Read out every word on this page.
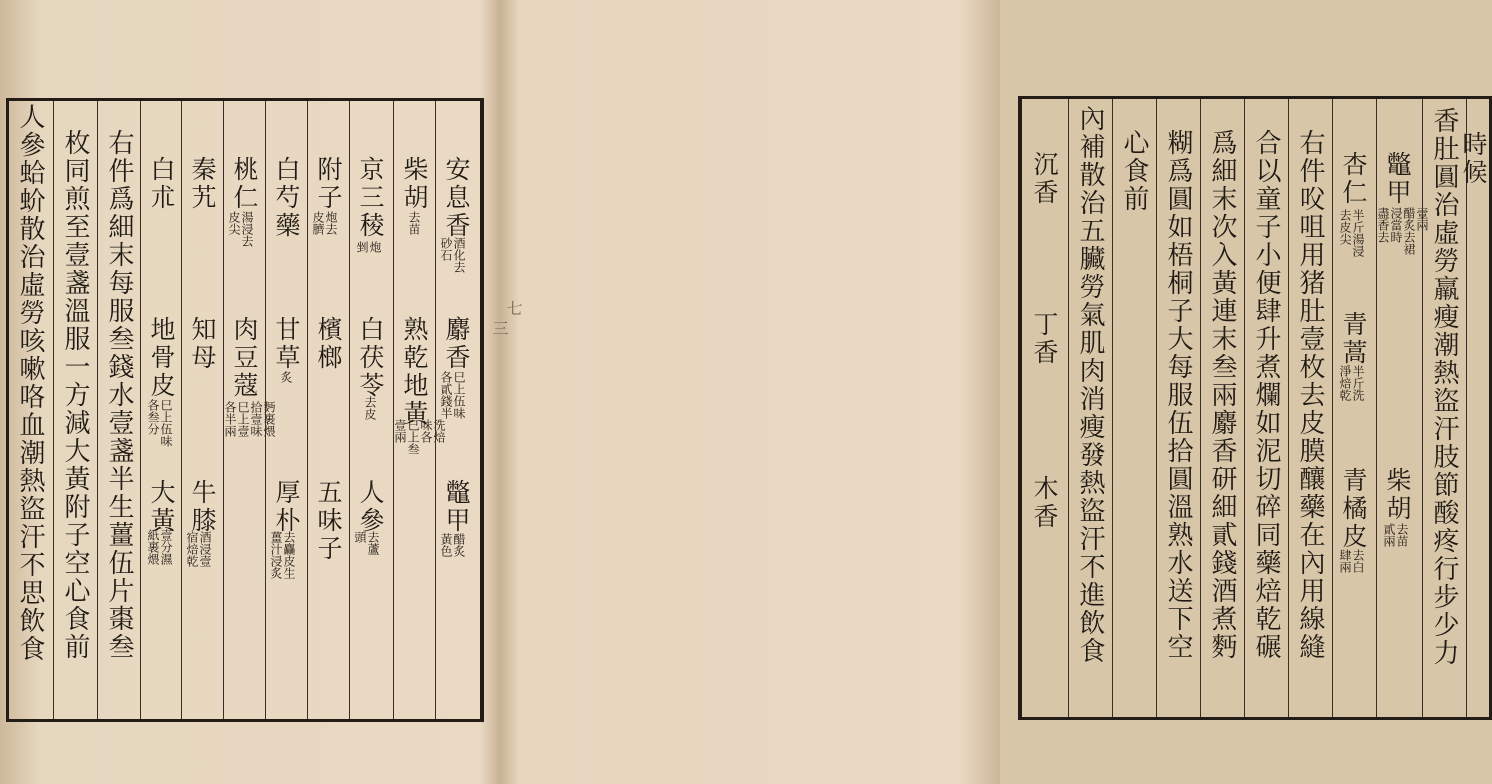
人參蛤蚧散治虛勞咳嗽咯血潮熱盜汗不思飲食 枚同煎至壹盞溫服一方減大黃附子空心食前 右件爲細末每服叁錢水壹盞半生薑伍片棗叁 白朮
地骨皮
巳上伍味
各叁分
大黃
壹分濕
紙裹煨
秦艽
知母
牛膝
酒浸壹
宿焙乾
桃仁
湯浸去
皮尖
肉豆蔻
麪裹煨
拾壹味
巳上壹
各半兩
白芍藥
甘草
炙
厚朴
去麤皮生
薑汁浸炙
附子
炮去
皮臍
檳榔
五味子
京三稜
炮
剉
白茯苓
去皮
人參
去蘆
頭
柴胡
去苗
熟乾地黃
洗焙
味各
巳上叁
壹兩
安息香
酒化去
砂石
麝香
巳上伍味
各貳錢半
鼈甲
醋炙
黃色
三
沉香
丁香
木香 內補散治五臟勞氣肌肉消瘦發熱盜汗不進飲食 心食前 糊爲圓如梧桐子大每服伍拾圓溫熟水送下空 爲細末次入黃連末叁兩麝香研細貳錢酒煮麪 合以童子小便肆升煮爛如泥切碎同藥焙乾碾 右件㕮咀用猪肚壹枚去皮膜釀藥在內用線縫 杏仁
半斤湯浸
去皮尖
青蒿
半斤洗
淨焙乾
青橘皮
去白
肆兩
鼈甲
壹兩
醋炙去裙
浸當時
盡香去
柴胡
去苗
貳兩 香肚圓治虛勞羸瘦潮熱盜汗肢節酸疼行步少力 時候
七
